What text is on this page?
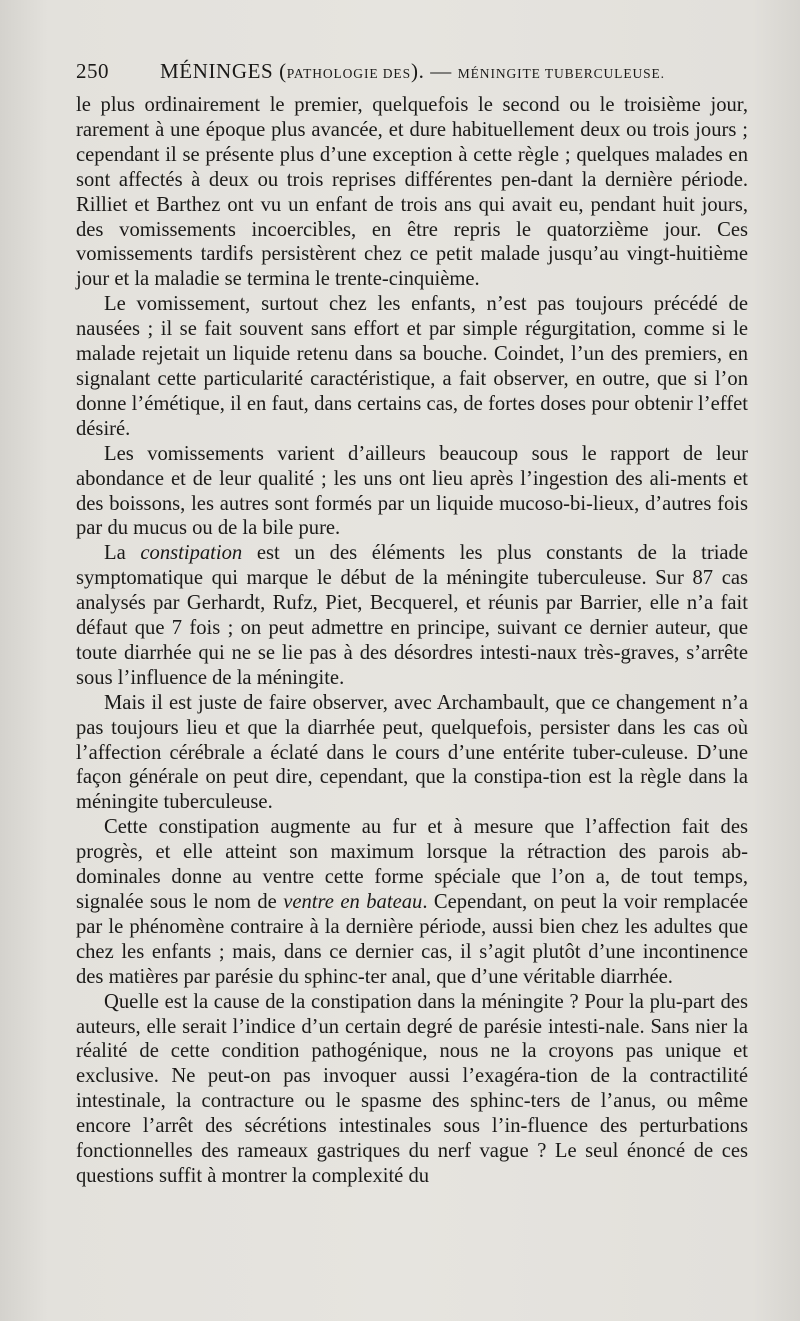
250 MÉNINGES (PATHOLOGIE DES). — MÉNINGITE TUBERCULEUSE.

le plus ordinairement le premier, quelquefois le second ou le troisième jour, rarement à une époque plus avancée, et dure habituellement deux ou trois jours ; cependant il se présente plus d’une exception à cette règle ; quelques malades en sont affectés à deux ou trois reprises différentes pen-dant la dernière période. Rilliet et Barthez ont vu un enfant de trois ans qui avait eu, pendant huit jours, des vomissements incoercibles, en être repris le quatorzième jour. Ces vomissements tardifs persistèrent chez ce petit malade jusqu’au vingt-huitième jour et la maladie se termina le trente-cinquième.

Le vomissement, surtout chez les enfants, n’est pas toujours précédé de nausées ; il se fait souvent sans effort et par simple régurgitation, comme si le malade rejetait un liquide retenu dans sa bouche. Coindet, l’un des premiers, en signalant cette particularité caractéristique, a fait observer, en outre, que si l’on donne l’émétique, il en faut, dans certains cas, de fortes doses pour obtenir l’effet désiré.

Les vomissements varient d’ailleurs beaucoup sous le rapport de leur abondance et de leur qualité ; les uns ont lieu après l’ingestion des ali-ments et des boissons, les autres sont formés par un liquide mucoso-bi-lieux, d’autres fois par du mucus ou de la bile pure.

La constipation est un des éléments les plus constants de la triade symptomatique qui marque le début de la méningite tuberculeuse. Sur 87 cas analysés par Gerhardt, Rufz, Piet, Becquerel, et réunis par Barrier, elle n’a fait défaut que 7 fois ; on peut admettre en principe, suivant ce dernier auteur, que toute diarrhée qui ne se lie pas à des désordres intesti-naux très-graves, s’arrête sous l’influence de la méningite.

Mais il est juste de faire observer, avec Archambault, que ce changement n’a pas toujours lieu et que la diarrhée peut, quelquefois, persister dans les cas où l’affection cérébrale a éclaté dans le cours d’une entérite tuber-culeuse. D’une façon générale on peut dire, cependant, que la constipa-tion est la règle dans la méningite tuberculeuse.

Cette constipation augmente au fur et à mesure que l’affection fait des progrès, et elle atteint son maximum lorsque la rétraction des parois ab-dominales donne au ventre cette forme spéciale que l’on a, de tout temps, signalée sous le nom de ventre en bateau. Cependant, on peut la voir remplacée par le phénomène contraire à la dernière période, aussi bien chez les adultes que chez les enfants ; mais, dans ce dernier cas, il s’agit plutôt d’une incontinence des matières par parésie du sphinc-ter anal, que d’une véritable diarrhée.

Quelle est la cause de la constipation dans la méningite ? Pour la plu-part des auteurs, elle serait l’indice d’un certain degré de parésie intesti-nale. Sans nier la réalité de cette condition pathogénique, nous ne la croyons pas unique et exclusive. Ne peut-on pas invoquer aussi l’exagéra-tion de la contractilité intestinale, la contracture ou le spasme des sphinc-ters de l’anus, ou même encore l’arrêt des sécrétions intestinales sous l’in-fluence des perturbations fonctionnelles des rameaux gastriques du nerf vague ? Le seul énoncé de ces questions suffit à montrer la complexité du
